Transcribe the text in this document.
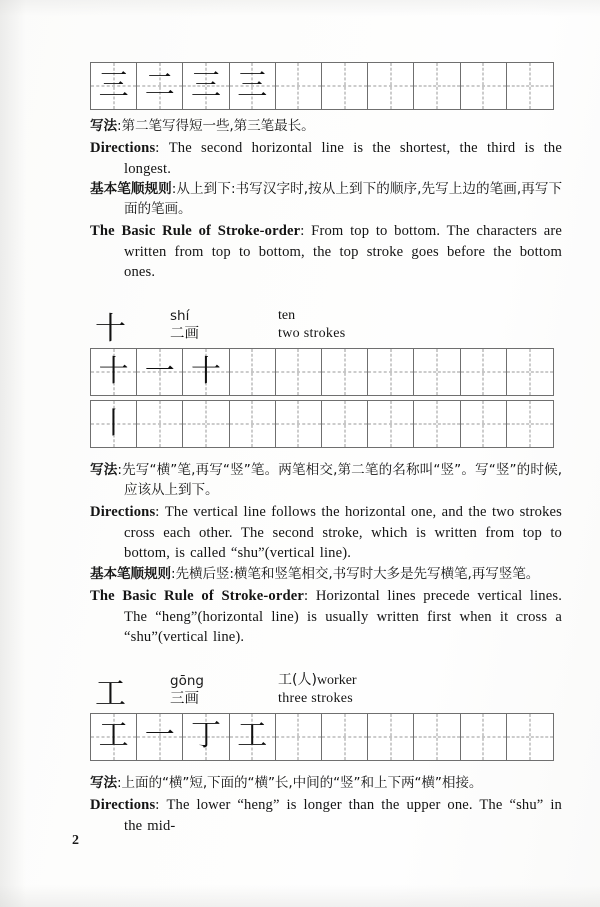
三 二 三 三

写法:第二笔写得短一些,第三笔最长。

Directions: The second horizontal line is the shortest, the third is the longest.

基本笔顺规则:从上到下:书写汉字时,按从上到下的顺序,先写上边的笔画,再写下面的笔画。

The Basic Rule of Stroke-order: From top to bottom. The characters are written from top to bottom, the top stroke goes before the bottom ones.

十	shí
二画
ten
two strokes
十 一 十
丨

写法:先写“横”笔,再写“竖”笔。两笔相交,第二笔的名称叫“竖”。写“竖”的时候,应该从上到下。

Directions: The vertical line follows the horizontal one, and the two strokes cross each other. The second stroke, which is written from top to bottom, is called “shu”(vertical line).

基本笔顺规则:先横后竖:横笔和竖笔相交,书写时大多是先写横笔,再写竖笔。

The Basic Rule of Stroke-order: Horizontal lines precede vertical lines. The “heng”(horizontal line) is usually written first when it cross a “shu”(vertical line).

工	gōng
三画
工(人)worker
three strokes
工 一 丁 工

写法:上面的“横”短,下面的“横”长,中间的“竖”和上下两“横”相接。

Directions: The lower “heng” is longer than the upper one. The “shu” in the mid-

2
